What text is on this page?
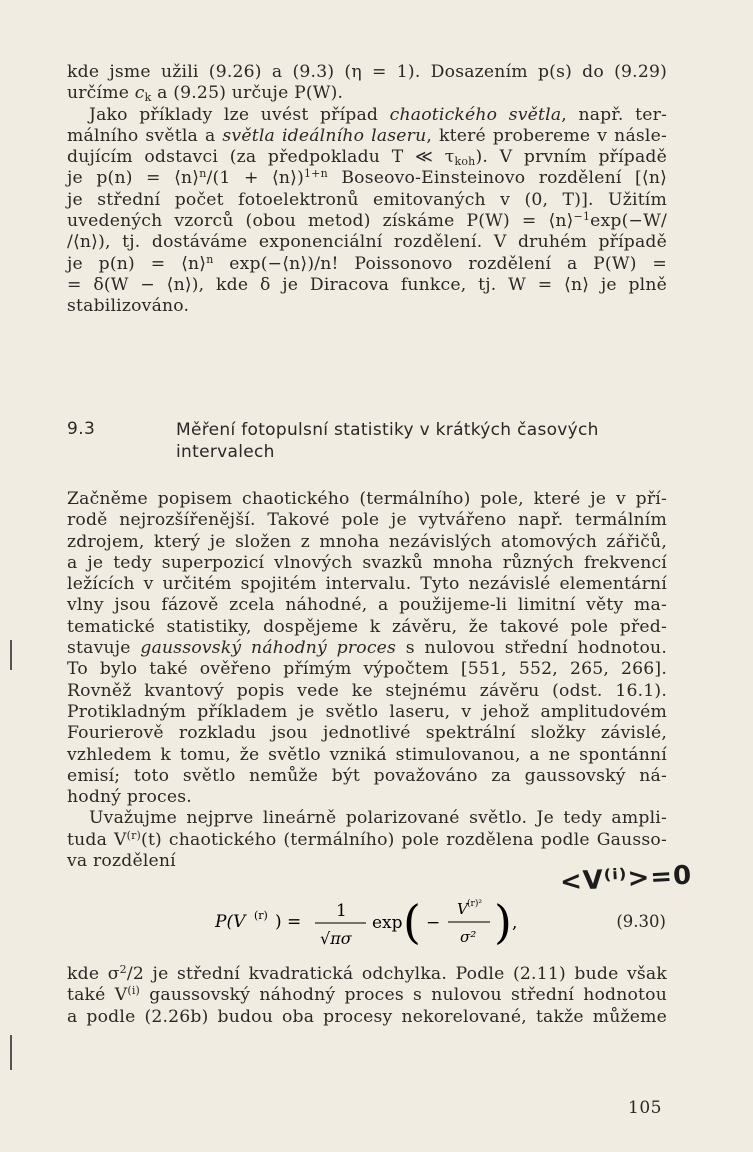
kde jsme užili (9.26) a (9.3) (η = 1). Dosazením p(s) do (9.29)
určíme $c_k$ a (9.25) určuje P(W).
Jako příklady lze uvést případ chaotického světla, např. ter-
málního světla a světla ideálního laseru, které probereme v násle-
dujícím odstavci (za předpokladu T ≪ $\tau_{koh}$). V prvním případě
je p(n) = ⟨n⟩$^n$/(1 + ⟨n⟩)$^{1+n}$ Boseovo-Einsteinovo rozdělení [⟨n⟩
je střední počet fotoelektronů emitovaných v (0, T)]. Užitím
uvedených vzorců (obou metod) získáme P(W) = ⟨n⟩$^{-1}$exp(−W/
/⟨n⟩), tj. dostáváme exponenciální rozdělení. V druhém případě
je p(n) = ⟨n⟩$^n$ exp(−⟨n⟩)/n! Poissonovo rozdělení a P(W) =
= δ(W − ⟨n⟩), kde δ je Diracova funkce, tj. W = ⟨n⟩ je plně
stabilizováno.
9.3	Měření fotopulsní statistiky v krátkých časových intervalech
Začněme popisem chaotického (termálního) pole, které je v pří-
rodě nejrozšířenější. Takové pole je vytvářeno např. termálním
zdrojem, který je složen z mnoha nezávislých atomových zářičů,
a je tedy superpozicí vlnových svazků mnoha různých frekvencí
ležících v určitém spojitém intervalu. Tyto nezávislé elementární
vlny jsou fázově zcela náhodné, a použijeme-li limitní věty ma-
tematické statistiky, dospějeme k závěru, že takové pole před-
stavuje gaussovský náhodný proces s nulovou střední hodnotou.
To bylo také ověřeno přímým výpočtem [551, 552, 265, 266].
Rovněž kvantový popis vede ke stejnému závěru (odst. 16.1).
Protikladným příkladem je světlo laseru, v jehož amplitudovém
Fourierově rozkladu jsou jednotlivé spektrální složky závislé,
vzhledem k tomu, že světlo vzniká stimulovanou, a ne spontánní
emisí; toto světlo nemůže být považováno za gaussovský ná-
hodný proces.
Uvažujme nejprve lineárně polarizované světlo. Je tedy ampli-
tuda $V^{(r)}(t)$ chaotického (termálního) pole rozdělena podle Gausso-
va rozdělení	<V⁽ⁱ⁾>=0
P(V (r) ) =
1
√πσ
exp ( −
V (r)²
σ² ) ,	(9.30)
kde $\sigma^2/2$ je střední kvadratická odchylka. Podle (2.11) bude však
také $V^{(i)}$ gaussovský náhodný proces s nulovou střední hodnotou
a podle (2.26b) budou oba procesy nekorelované, takže můžeme
105
